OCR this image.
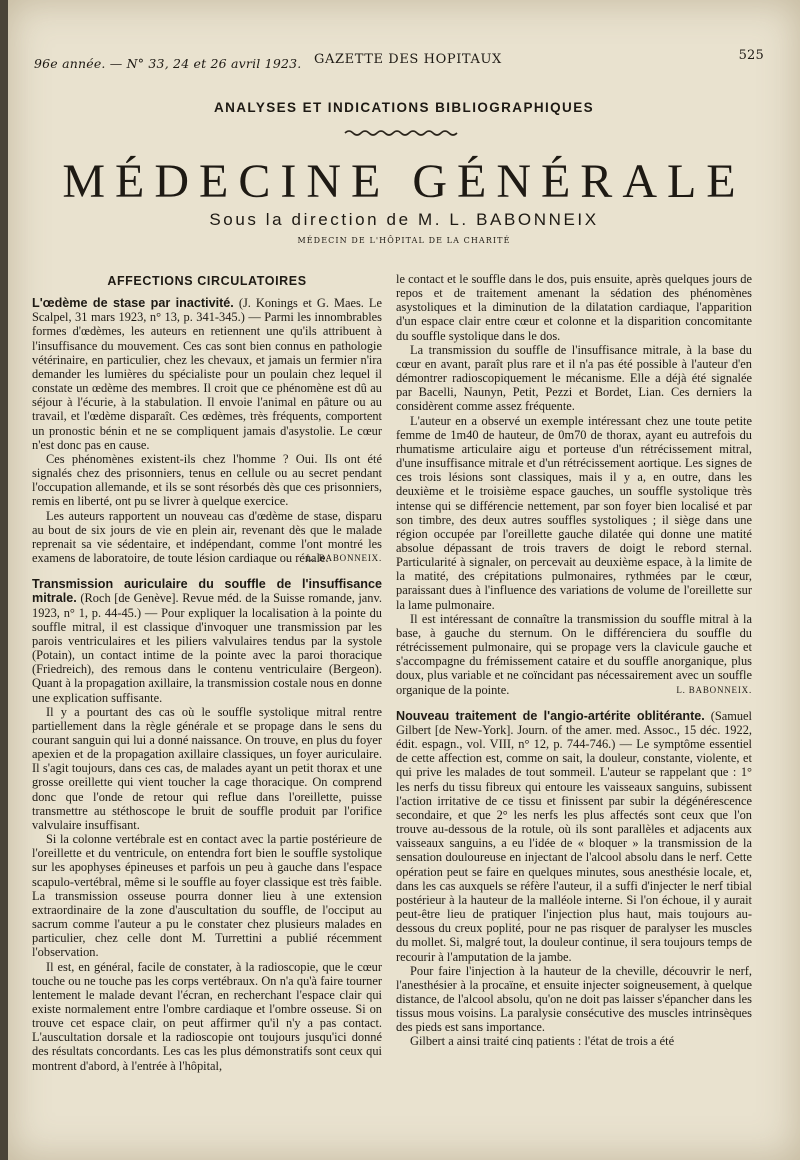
96e année. — N° 33, 24 et 26 avril 1923. GAZETTE DES HOPITAUX	525
ANALYSES ET INDICATIONS BIBLIOGRAPHIQUES
MÉDECINE GÉNÉRALE
Sous la direction de M. L. BABONNEIX
MÉDECIN DE L'HÔPITAL DE LA CHARITÉ
AFFECTIONS CIRCULATOIRES

L'œdème de stase par inactivité. (J. Konings et G. Maes. Le Scalpel, 31 mars 1923, n° 13, p. 341-345.) — Parmi les innombrables formes d'œdèmes, les auteurs en retiennent une qu'ils attribuent à l'insuffisance du mouvement. Ces cas sont bien connus en pathologie vétérinaire, en particulier, chez les chevaux, et jamais un fermier n'ira demander les lumières du spécialiste pour un poulain chez lequel il constate un œdème des membres. Il croit que ce phénomène est dû au séjour à l'écurie, à la stabulation. Il envoie l'animal en pâture ou au travail, et l'œdème disparaît. Ces œdèmes, très fréquents, comportent un pronostic bénin et ne se compliquent jamais d'asystolie. Le cœur n'est donc pas en cause.

Ces phénomènes existent-ils chez l'homme ? Oui. Ils ont été signalés chez des prisonniers, tenus en cellule ou au secret pendant l'occupation allemande, et ils se sont résorbés dès que ces prisonniers, remis en liberté, ont pu se livrer à quelque exercice.

Les auteurs rapportent un nouveau cas d'œdème de stase, disparu au bout de six jours de vie en plein air, revenant dès que le malade reprenait sa vie sédentaire, et indépendant, comme l'ont montré les examens de laboratoire, de toute lésion cardiaque ou rénale.

L. BABONNEIX.

Transmission auriculaire du souffle de l'insuffisance mitrale. (Roch [de Genève]. Revue méd. de la Suisse romande, janv. 1923, n° 1, p. 44-45.) — Pour expliquer la localisation à la pointe du souffle mitral, il est classique d'invoquer une transmission par les parois ventriculaires et les piliers valvulaires tendus par la systole (Potain), un contact intime de la pointe avec la paroi thoracique (Friedreich), des remous dans le contenu ventriculaire (Bergeon). Quant à la propagation axillaire, la transmission costale nous en donne une explication suffisante.

Il y a pourtant des cas où le souffle systolique mitral rentre partiellement dans la règle générale et se propage dans le sens du courant sanguin qui lui a donné naissance. On trouve, en plus du foyer apexien et de la propagation axillaire classiques, un foyer auriculaire. Il s'agit toujours, dans ces cas, de malades ayant un petit thorax et une grosse oreillette qui vient toucher la cage thoracique. On comprend donc que l'onde de retour qui reflue dans l'oreillette, puisse transmettre au stéthoscope le bruit de souffle produit par l'orifice valvulaire insuffisant.

Si la colonne vertébrale est en contact avec la partie postérieure de l'oreillette et du ventricule, on entendra fort bien le souffle systolique sur les apophyses épineuses et parfois un peu à gauche dans l'espace scapulo-vertébral, même si le souffle au foyer classique est très faible. La transmission osseuse pourra donner lieu à une extension extraordinaire de la zone d'auscultation du souffle, de l'occiput au sacrum comme l'auteur a pu le constater chez plusieurs malades en particulier, chez celle dont M. Turrettini a publié récemment l'observation.

Il est, en général, facile de constater, à la radioscopie, que le cœur touche ou ne touche pas les corps vertébraux. On n'a qu'à faire tourner lentement le malade devant l'écran, en recherchant l'espace clair qui existe normalement entre l'ombre cardiaque et l'ombre osseuse. Si on trouve cet espace clair, on peut affirmer qu'il n'y a pas contact. L'auscultation dorsale et la radioscopie ont toujours jusqu'ici donné des résultats concordants. Les cas les plus démonstratifs sont ceux qui montrent d'abord, à l'entrée à l'hôpital,

le contact et le souffle dans le dos, puis ensuite, après quelques jours de repos et de traitement amenant la sédation des phénomènes asystoliques et la diminution de la dilatation cardiaque, l'apparition d'un espace clair entre cœur et colonne et la disparition concomitante du souffle systolique dans le dos.

La transmission du souffle de l'insuffisance mitrale, à la base du cœur en avant, paraît plus rare et il n'a pas été possible à l'auteur d'en démontrer radioscopiquement le mécanisme. Elle a déjà été signalée par Bacelli, Naunyn, Petit, Pezzi et Bordet, Lian. Ces derniers la considèrent comme assez fréquente.

L'auteur en a observé un exemple intéressant chez une toute petite femme de 1m40 de hauteur, de 0m70 de thorax, ayant eu autrefois du rhumatisme articulaire aigu et porteuse d'un rétrécissement mitral, d'une insuffisance mitrale et d'un rétrécissement aortique. Les signes de ces trois lésions sont classiques, mais il y a, en outre, dans les deuxième et le troisième espace gauches, un souffle systolique très intense qui se différencie nettement, par son foyer bien localisé et par son timbre, des deux autres souffles systoliques ; il siège dans une région occupée par l'oreillette gauche dilatée qui donne une matité absolue dépassant de trois travers de doigt le rebord sternal. Particularité à signaler, on percevait au deuxième espace, à la limite de la matité, des crépitations pulmonaires, rythmées par le cœur, paraissant dues à l'influence des variations de volume de l'oreillette sur la lame pulmonaire.

Il est intéressant de connaître la transmission du souffle mitral à la base, à gauche du sternum. On le différenciera du souffle du rétrécissement pulmonaire, qui se propage vers la clavicule gauche et s'accompagne du frémissement cataire et du souffle anorganique, plus doux, plus variable et ne coïncidant pas nécessairement avec un souffle organique de la pointe.	L. BABONNEIX.

Nouveau traitement de l'angio-artérite oblitérante. (Samuel Gilbert [de New-York]. Journ. of the amer. med. Assoc., 15 déc. 1922, édit. espagn., vol. VIII, n° 12, p. 744-746.) — Le symptôme essentiel de cette affection est, comme on sait, la douleur, constante, violente, et qui prive les malades de tout sommeil. L'auteur se rappelant que : 1° les nerfs du tissu fibreux qui entoure les vaisseaux sanguins, subissent l'action irritative de ce tissu et finissent par subir la dégénérescence secondaire, et que 2° les nerfs les plus affectés sont ceux que l'on trouve au-dessous de la rotule, où ils sont parallèles et adjacents aux vaisseaux sanguins, a eu l'idée de « bloquer » la transmission de la sensation douloureuse en injectant de l'alcool absolu dans le nerf. Cette opération peut se faire en quelques minutes, sous anesthésie locale, et, dans les cas auxquels se réfère l'auteur, il a suffi d'injecter le nerf tibial postérieur à la hauteur de la malléole interne. Si l'on échoue, il y aurait peut-être lieu de pratiquer l'injection plus haut, mais toujours au-dessous du creux poplité, pour ne pas risquer de paralyser les muscles du mollet. Si, malgré tout, la douleur continue, il sera toujours temps de recourir à l'amputation de la jambe.

Pour faire l'injection à la hauteur de la cheville, découvrir le nerf, l'anesthésier à la procaïne, et ensuite injecter soigneusement, à quelque distance, de l'alcool absolu, qu'on ne doit pas laisser s'épancher dans les tissus mous voisins. La paralysie consécutive des muscles intrinsèques des pieds est sans importance.

Gilbert a ainsi traité cinq patients : l'état de trois a été
